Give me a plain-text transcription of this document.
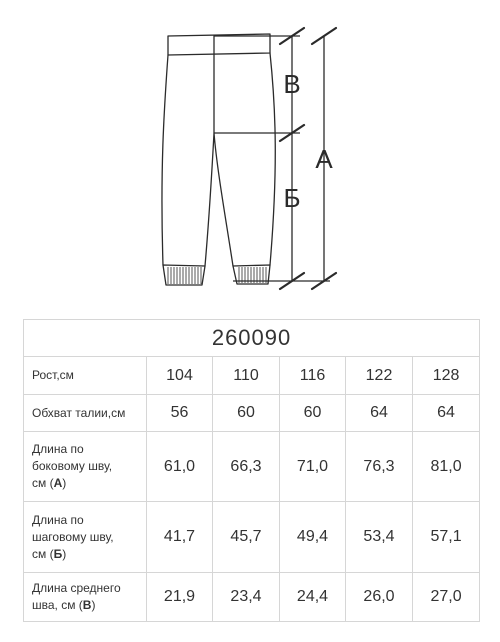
В
Б
А
260090					
Рост,см	104	110	116	122	128
Обхват талии,см	56	60	60	64	64

Длина по
боковому шву,
см (А)	61,0	66,3	71,0	76,3	81,0

Длина по
шаговому шву,
см (Б)	41,7	45,7	49,4	53,4	57,1

Длина среднего
шва, см (В)	21,9	23,4	24,4	26,0	27,0
